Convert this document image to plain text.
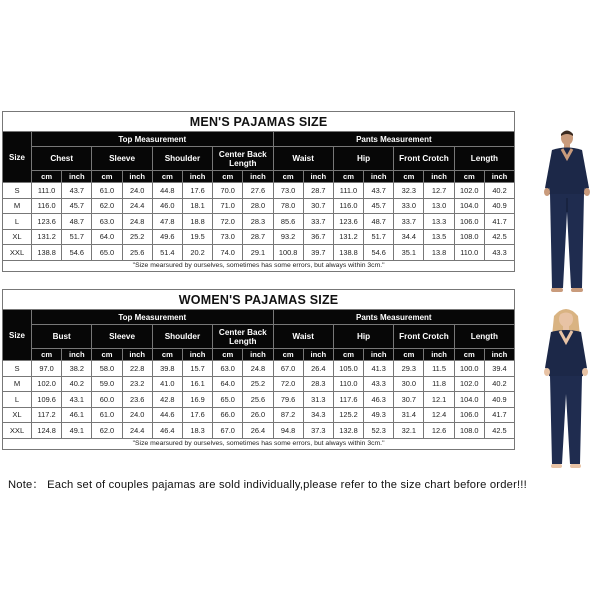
MEN'S PAJAMAS SIZE																
Size	Top Measurement								Pants Measurement							
	Chest		Sleeve		Shoulder		Center Back Length		Waist		Hip		Front Crotch		Length	
	cm	inch	cm	inch	cm	inch	cm	inch	cm	inch	cm	inch	cm	inch	cm	inch
S	111.0	43.7	61.0	24.0	44.8	17.6	70.0	27.6	73.0	28.7	111.0	43.7	32.3	12.7	102.0	40.2
M	116.0	45.7	62.0	24.4	46.0	18.1	71.0	28.0	78.0	30.7	116.0	45.7	33.0	13.0	104.0	40.9
L	123.6	48.7	63.0	24.8	47.8	18.8	72.0	28.3	85.6	33.7	123.6	48.7	33.7	13.3	106.0	41.7
XL	131.2	51.7	64.0	25.2	49.6	19.5	73.0	28.7	93.2	36.7	131.2	51.7	34.4	13.5	108.0	42.5
XXL	138.8	54.6	65.0	25.6	51.4	20.2	74.0	29.1	100.8	39.7	138.8	54.6	35.1	13.8	110.0	43.3
"Size mearsured by ourselves, sometimes has some errors, but always within 3cm."																
WOMEN'S PAJAMAS SIZE																
Size	Top Measurement								Pants Measurement							
	Bust		Sleeve		Shoulder		Center Back Length		Waist		Hip		Front Crotch		Length	
	cm	inch	cm	inch	cm	inch	cm	inch	cm	inch	cm	inch	cm	inch	cm	inch
S	97.0	38.2	58.0	22.8	39.8	15.7	63.0	24.8	67.0	26.4	105.0	41.3	29.3	11.5	100.0	39.4
M	102.0	40.2	59.0	23.2	41.0	16.1	64.0	25.2	72.0	28.3	110.0	43.3	30.0	11.8	102.0	40.2
L	109.6	43.1	60.0	23.6	42.8	16.9	65.0	25.6	79.6	31.3	117.6	46.3	30.7	12.1	104.0	40.9
XL	117.2	46.1	61.0	24.0	44.6	17.6	66.0	26.0	87.2	34.3	125.2	49.3	31.4	12.4	106.0	41.7
XXL	124.8	49.1	62.0	24.4	46.4	18.3	67.0	26.4	94.8	37.3	132.8	52.3	32.1	12.6	108.0	42.5
"Size mearsured by ourselves, sometimes has some errors, but always within 3cm."																
Note： Each set of couples pajamas are sold individually,please refer to the size chart before order!!!
